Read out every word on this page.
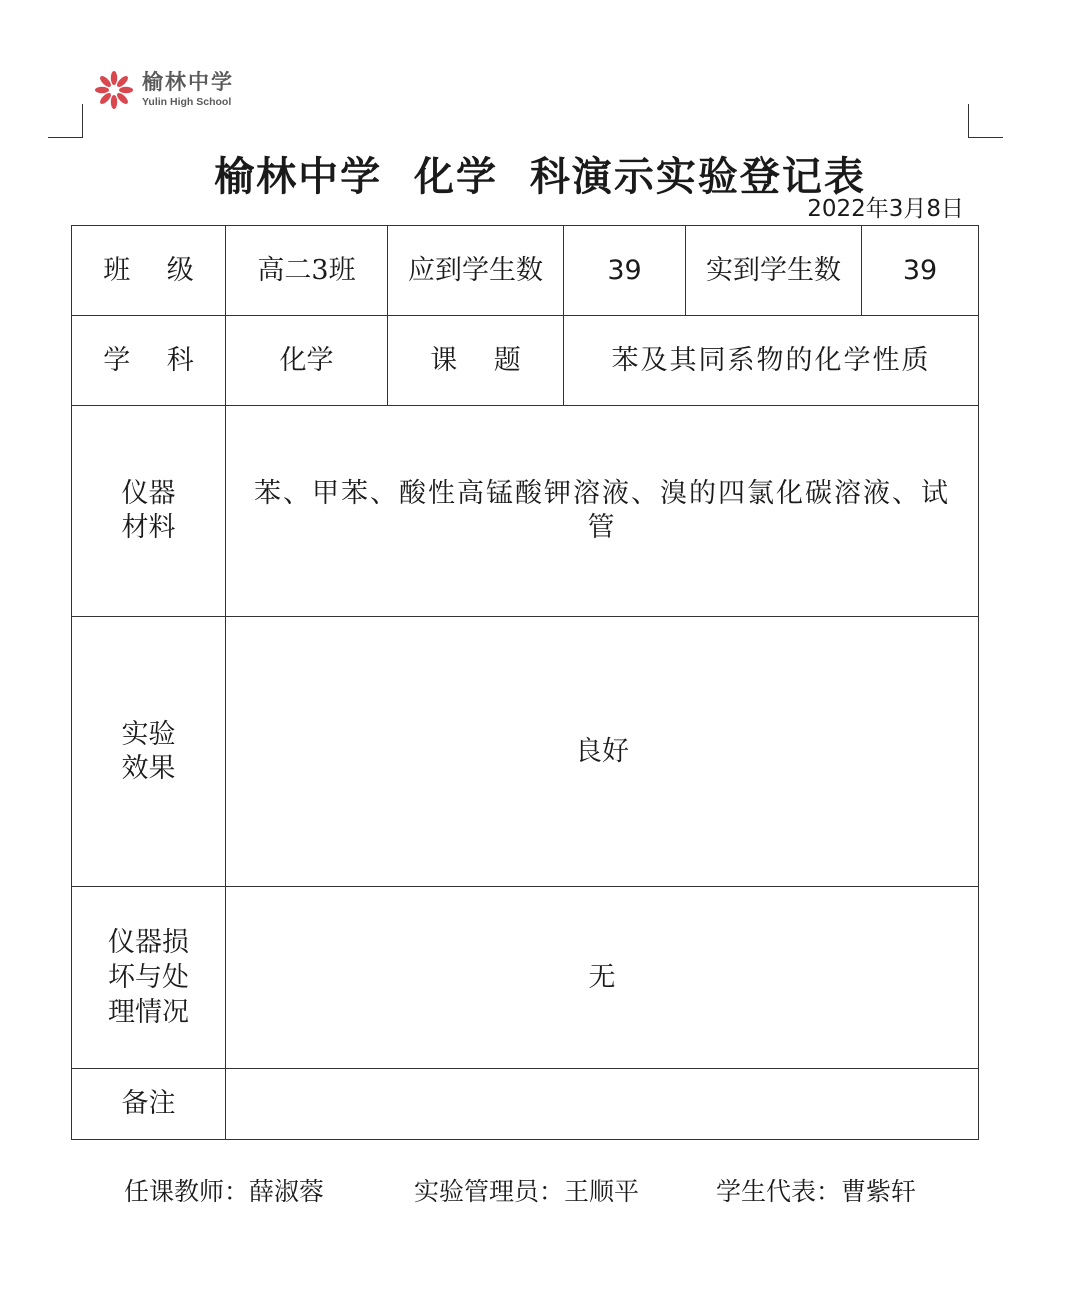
榆林中学
Yulin High School
榆林中学  化学  科演示实验登记表
2022年3月8日
班 级	高二3班	应到学生数	39	实到学生数	39
学 科	化学	课 题	苯及其同系物的化学性质		
仪器
材料	苯、甲苯、酸性高锰酸钾溶液、溴的四氯化碳溶液、试管				
实验
效果	良好				
仪器损
坏与处
理情况	无				
备注					
任课教师：薛淑蓉	实验管理员：王顺平	学生代表：曹紫轩
